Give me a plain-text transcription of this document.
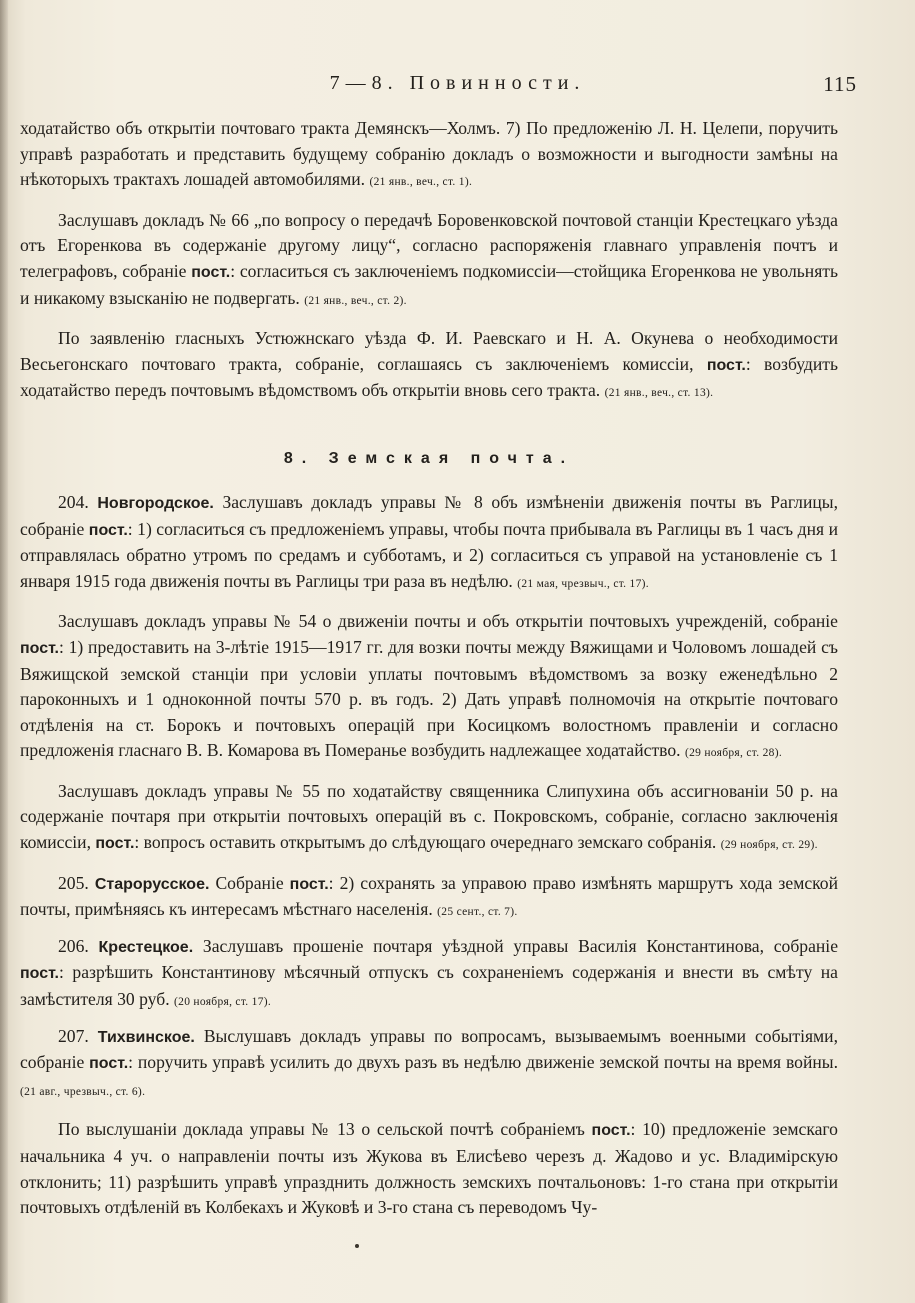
7—8. Повинности.	115

ходатайство объ открытіи почтоваго тракта Демянскъ—Холмъ. 7) По предложенію Л. Н. Целепи, поручить управѣ разработать и представить будущему собранію докладъ о возможности и выгодности замѣны на нѣкоторыхъ трактахъ лошадей автомобилями. (21 янв., веч., ст. 1).

Заслушавъ докладъ № 66 „по вопросу о передачѣ Боровенковской почтовой станціи Крестецкаго уѣзда отъ Егоренкова въ содержаніе другому лицу“, согласно распоряженія главнаго управленія почтъ и телеграфовъ, собраніе пост.: согласиться съ заключеніемъ подкомиссіи—стойщика Егоренкова не увольнять и никакому взысканію не подвергать. (21 янв., веч., ст. 2).

По заявленію гласныхъ Устюжнскаго уѣзда Ф. И. Раевскаго и Н. А. Окунева о необходимости Весьегонскаго почтоваго тракта, собраніе, соглашаясь съ заключеніемъ комиссіи, пост.: возбудить ходатайство передъ почтовымъ вѣдомствомъ объ открытіи вновь сего тракта. (21 янв., веч., ст. 13).

8. Земская почта.

204. Новгородское. Заслушавъ докладъ управы № 8 объ измѣненіи движенія почты въ Раглицы, собраніе пост.: 1) согласиться съ предложеніемъ управы, чтобы почта прибывала въ Раглицы въ 1 часъ дня и отправлялась обратно утромъ по средамъ и субботамъ, и 2) согласиться съ управой на установленіе съ 1 января 1915 года движенія почты въ Раглицы три раза въ недѣлю. (21 мая, чрезвыч., ст. 17).

Заслушавъ докладъ управы № 54 о движеніи почты и объ открытіи почтовыхъ учрежденій, собраніе пост.: 1) предоставить на 3-лѣтіе 1915—1917 гг. для возки почты между Вяжищами и Чоловомъ лошадей съ Вяжищской земской станціи при условіи уплаты почтовымъ вѣдомствомъ за возку еженедѣльно 2 пароконныхъ и 1 одноконной почты 570 р. въ годъ. 2) Дать управѣ полномочія на открытіе почтоваго отдѣленія на ст. Борокъ и почтовыхъ операцій при Косицкомъ волостномъ правленіи и согласно предложенія гласнаго В. В. Комарова въ Померанье возбудить надлежащее ходатайство. (29 ноября, ст. 28).

Заслушавъ докладъ управы № 55 по ходатайству священника Слипухина объ ассигнованіи 50 р. на содержаніе почтаря при открытіи почтовыхъ операцій въ с. Покровскомъ, собраніе, согласно заключенія комиссіи, пост.: вопросъ оставить открытымъ до слѣдующаго очереднаго земскаго собранія. (29 ноября, ст. 29).

205. Старорусское. Собраніе пост.: 2) сохранять за управою право измѣнять маршрутъ хода земской почты, примѣняясь къ интересамъ мѣстнаго населенія. (25 сент., ст. 7).

206. Крестецкое. Заслушавъ прошеніе почтаря уѣздной управы Василія Константинова, собраніе пост.: разрѣшить Константинову мѣсячный отпускъ съ сохраненіемъ содержанія и внести въ смѣту на замѣстителя 30 руб. (20 ноября, ст. 17).

207. Тихвинское. Выслушавъ докладъ управы по вопросамъ, вызываемымъ военными событіями, собраніе пост.: поручить управѣ усилить до двухъ разъ въ недѣлю движеніе земской почты на время войны. (21 авг., чрезвыч., ст. 6).

По выслушаніи доклада управы № 13 о сельской почтѣ собраніемъ пост.: 10) предложеніе земскаго начальника 4 уч. о направленіи почты изъ Жукова въ Елисѣево черезъ д. Жадово и ус. Владимірскую отклонить; 11) разрѣшить управѣ упразднить должность земскихъ почтальоновъ: 1-го стана при открытіи почтовыхъ отдѣленій въ Колбекахъ и Жуковѣ и 3-го стана съ переводомъ Чу-
